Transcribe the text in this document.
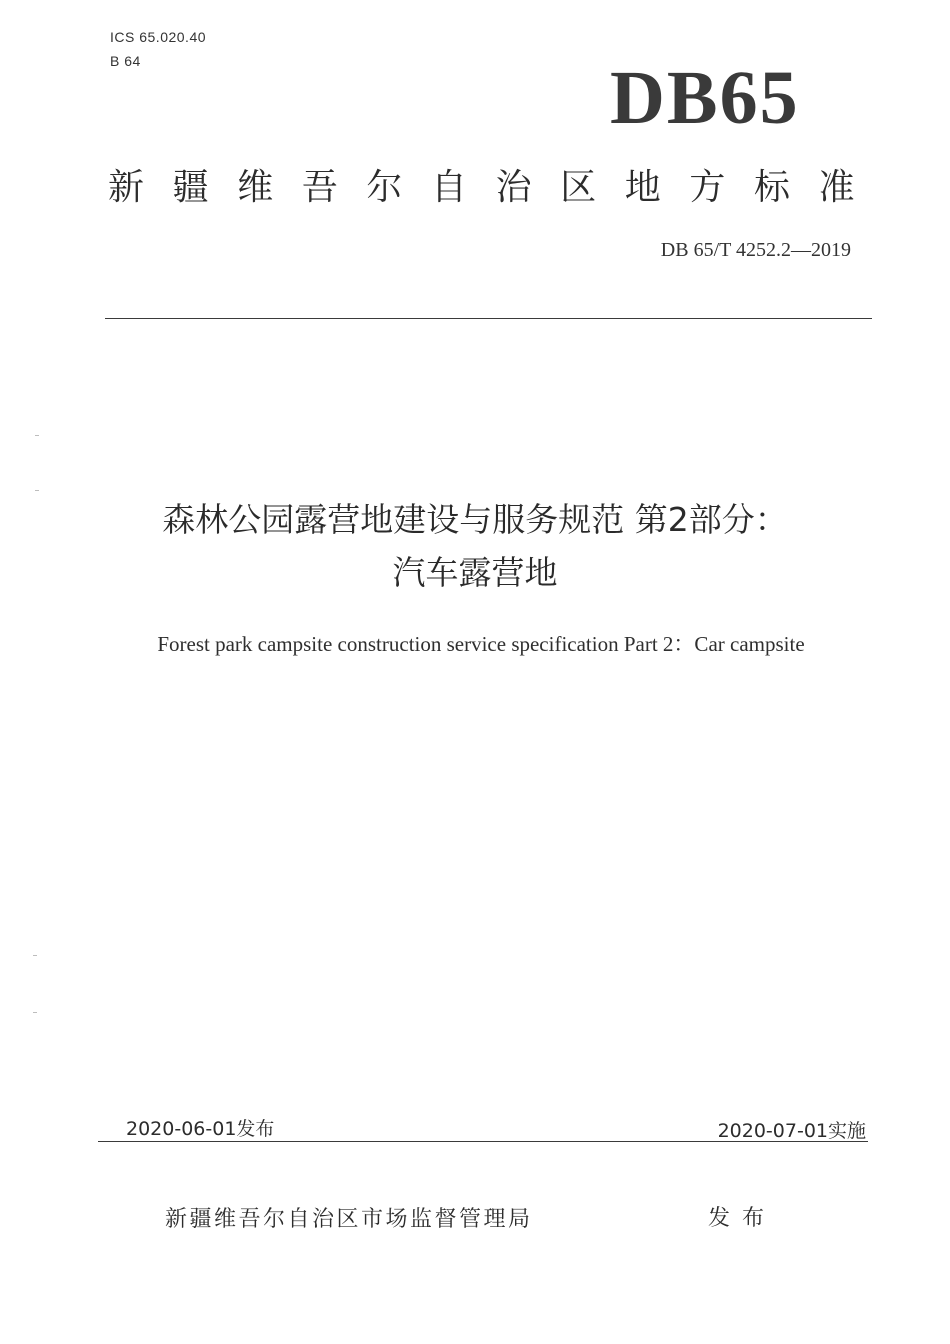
ICS 65.020.40
B 64	DB65
新疆维吾尔自治区地方标准
DB 65/T 4252.2—2019
森林公园露营地建设与服务规范 第2部分：
汽车露营地
Forest park campsite construction service specification Part 2：Car campsite
2020-06-01发布	2020-07-01实施
新疆维吾尔自治区市场监督管理局	发布
